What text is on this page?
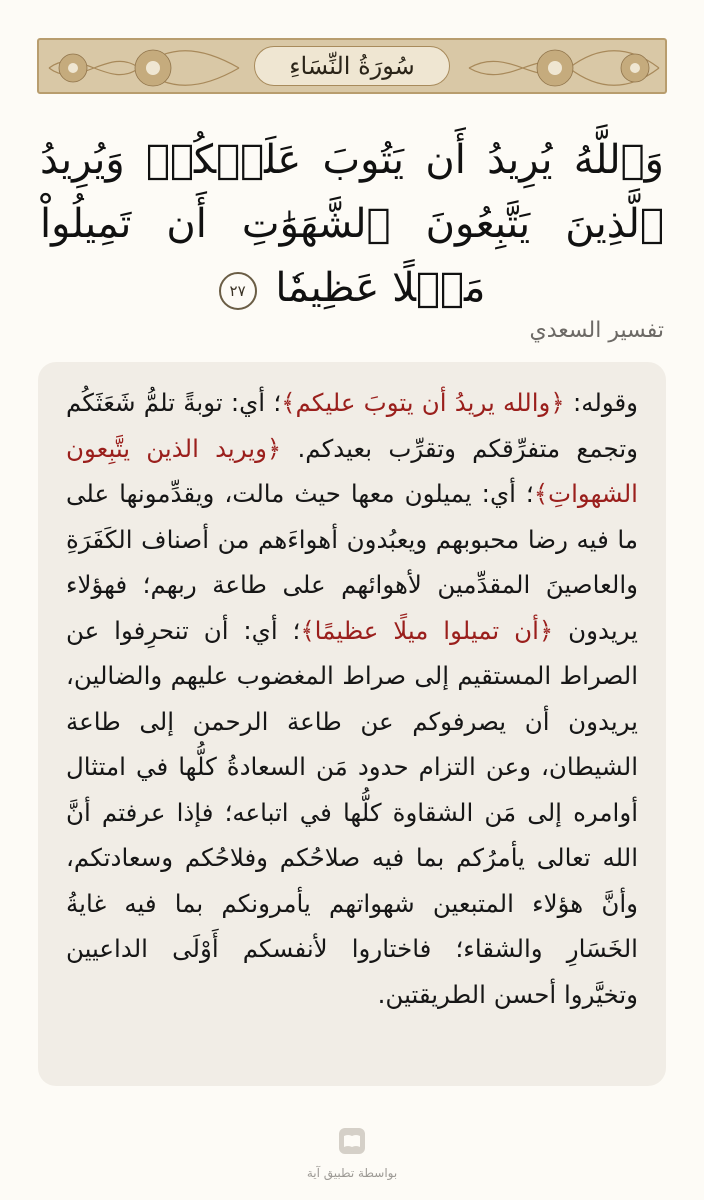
سُورَةُ النِّسَاءِ
وَٱللَّهُ يُرِيدُ أَن يَتُوبَ عَلَيۡكُمۡ وَيُرِيدُ ٱلَّذِينَ يَتَّبِعُونَ ٱلشَّهَوَٰتِ أَن تَمِيلُواْ مَيۡلًا عَظِيمٗا ٢٧
تفسير السعدي
وقوله: ﴿والله يريدُ أن يتوبَ عليكم﴾؛ أي: توبةً تلمُّ شَعَثَكُم وتجمع متفرِّقكم وتقرِّب بعيدكم. ﴿ويريد الذين يتَّبِعون الشهواتِ﴾؛ أي: يميلون معها حيث مالت، ويقدِّمونها على ما فيه رضا محبوبهم ويعبُدون أهواءَهم من أصناف الكَفَرَةِ والعاصينَ المقدِّمين لأهوائهم على طاعة ربهم؛ فهؤلاء يريدون ﴿أن تميلوا ميلًا عظيمًا﴾؛ أي: أن تنحرِفوا عن الصراط المستقيم إلى صراط المغضوب عليهم والضالين، يريدون أن يصرفوكم عن طاعة الرحمن إلى طاعة الشيطان، وعن التزام حدود مَن السعادةُ كلُّها في امتثال أوامره إلى مَن الشقاوة كلُّها في اتباعه؛ فإذا عرفتم أنَّ الله تعالى يأمرُكم بما فيه صلاحُكم وفلاحُكم وسعادتكم، وأنَّ هؤلاء المتبعين شهواتهم يأمرونكم بما فيه غايةُ الخَسَارِ والشقاء؛ فاختاروا لأنفسكم أَوْلَى الداعيين وتخيَّروا أحسن الطريقتين.
بواسطة تطبيق آية
